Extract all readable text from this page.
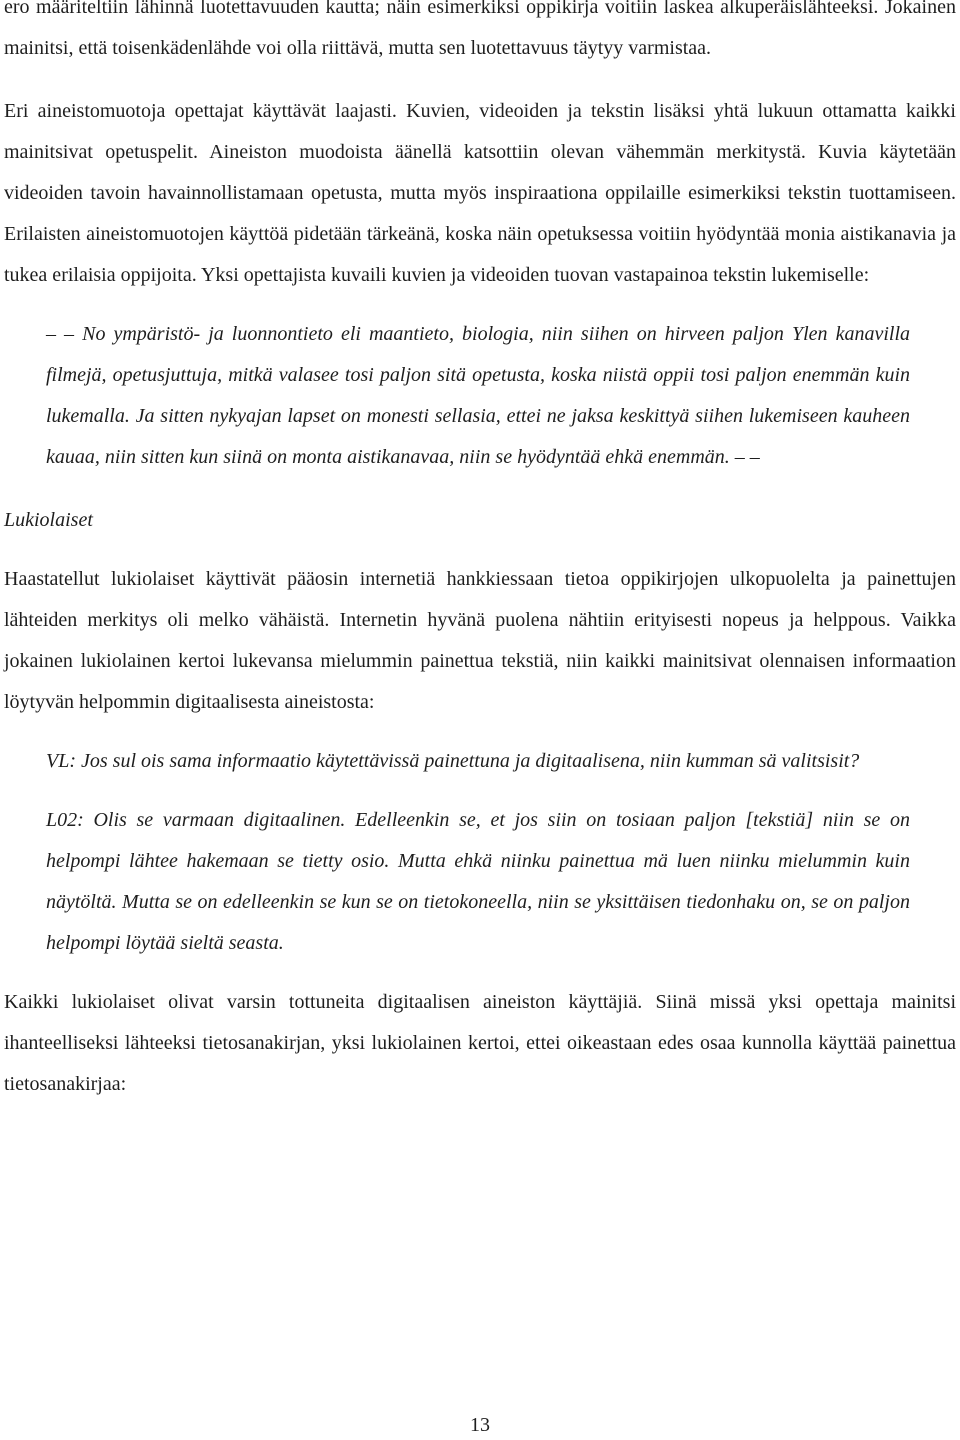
ero määriteltiin lähinnä luotettavuuden kautta; näin esimerkiksi oppikirja voitiin laskea alkuperäislähteeksi. Jokainen mainitsi, että toisenkädenlähde voi olla riittävä, mutta sen luotettavuus täytyy varmistaa.

Eri aineistomuotoja opettajat käyttävät laajasti. Kuvien, videoiden ja tekstin lisäksi yhtä lukuun ottamatta kaikki mainitsivat opetuspelit. Aineiston muodoista äänellä katsottiin olevan vähemmän merkitystä. Kuvia käytetään videoiden tavoin havainnollistamaan opetusta, mutta myös inspiraationa oppilaille esimerkiksi tekstin tuottamiseen. Erilaisten aineistomuotojen käyttöä pidetään tärkeänä, koska näin opetuksessa voitiin hyödyntää monia aistikanavia ja tukea erilaisia oppijoita. Yksi opettajista kuvaili kuvien ja videoiden tuovan vastapainoa tekstin lukemiselle:

– – No ympäristö- ja luonnontieto eli maantieto, biologia, niin siihen on hirveen paljon Ylen kanavilla filmejä, opetusjuttuja, mitkä valasee tosi paljon sitä opetusta, koska niistä oppii tosi paljon enemmän kuin lukemalla. Ja sitten nykyajan lapset on monesti sellasia, ettei ne jaksa keskittyä siihen lukemiseen kauheen kauaa, niin sitten kun siinä on monta aistikanavaa, niin se hyödyntää ehkä enemmän. – –

Lukiolaiset

Haastatellut lukiolaiset käyttivät pääosin internetiä hankkiessaan tietoa oppikirjojen ulkopuolelta ja painettujen lähteiden merkitys oli melko vähäistä. Internetin hyvänä puolena nähtiin erityisesti nopeus ja helppous. Vaikka jokainen lukiolainen kertoi lukevansa mielummin painettua tekstiä, niin kaikki mainitsivat olennaisen informaation löytyvän helpommin digitaalisesta aineistosta:

VL: Jos sul ois sama informaatio käytettävissä painettuna ja digitaalisena, niin kumman sä valitsisit?

L02: Olis se varmaan digitaalinen. Edelleenkin se, et jos siin on tosiaan paljon [tekstiä] niin se on helpompi lähtee hakemaan se tietty osio. Mutta ehkä niinku painettua mä luen niinku mielummin kuin näytöltä. Mutta se on edelleenkin se kun se on tietokoneella, niin se yksittäisen tiedonhaku on, se on paljon helpompi löytää sieltä seasta.

Kaikki lukiolaiset olivat varsin tottuneita digitaalisen aineiston käyttäjiä. Siinä missä yksi opettaja mainitsi ihanteelliseksi lähteeksi tietosanakirjan, yksi lukiolainen kertoi, ettei oikeastaan edes osaa kunnolla käyttää painettua tietosanakirjaa:

13
